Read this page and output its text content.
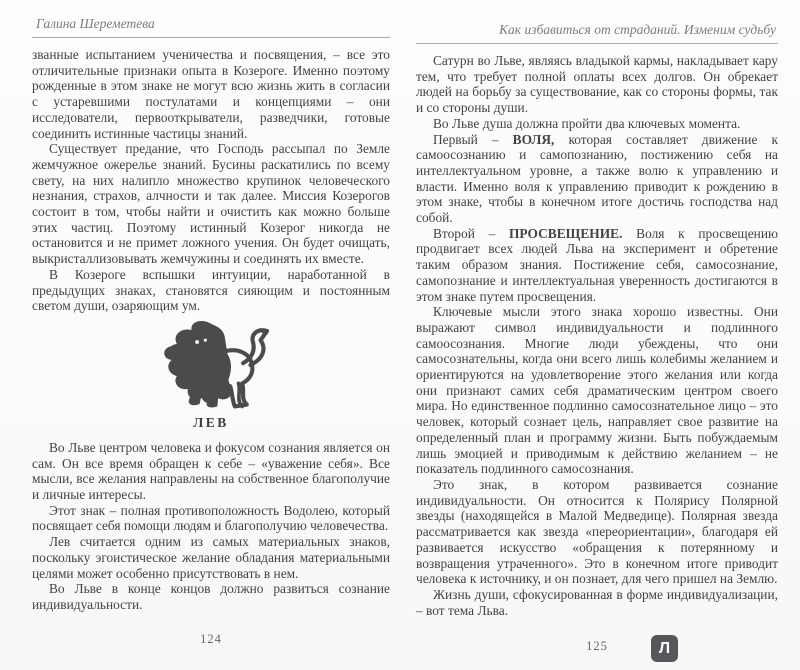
Галина Шереметева

званные испытанием ученичества и посвящения, – все это отличительные признаки опыта в Козероге. Именно поэтому рожденные в этом знаке не могут всю жизнь жить в согласии с устаревшими постулатами и концепциями – они исследователи, первооткрыватели, разведчики, готовые соединить истинные частицы знаний.

Существует предание, что Господь рассыпал по Земле жемчужное ожерелье знаний. Бусины раскатились по всему свету, на них налипло множество крупинок человеческого незнания, страхов, алчности и так далее. Миссия Козерогов состоит в том, чтобы найти и очистить как можно больше этих частиц. Поэтому истинный Козерог никогда не остановится и не примет ложного учения. Он будет очищать, выкристаллизовывать жемчужины и соединять их вместе.

В Козероге вспышки интуиции, наработанной в предыдущих знаках, становятся сияющим и постоянным светом души, озаряющим ум.

ЛЕВ

Во Льве центром человека и фокусом сознания является он сам. Он все время обращен к себе – «уважение себя». Все мысли, все желания направлены на собственное благополучие и личные интересы.

Этот знак – полная противоположность Водолею, который посвящает себя помощи людям и благополучию человечества.

Лев считается одним из самых материальных знаков, поскольку эгоистическое желание обладания материальными целями может особенно присутствовать в нем.

Во Льве в конце концов должно развиться сознание индивидуальности.

Как избавиться от страданий. Изменим судьбу

Сатурн во Льве, являясь владыкой кармы, накладывает кару тем, что требует полной оплаты всех долгов. Он обрекает людей на борьбу за существование, как со стороны формы, так и со стороны души.

Во Льве душа должна пройти два ключевых момента.

Первый – ВОЛЯ, которая составляет движение к самоосознанию и самопознанию, постижению себя на интеллектуальном уровне, а также волю к управлению и власти. Именно воля к управлению приводит к рождению в этом знаке, чтобы в конечном итоге достичь господства над собой.

Второй – ПРОСВЕЩЕНИЕ. Воля к просвещению продвигает всех людей Льва на эксперимент и обретение таким образом знания. Постижение себя, самосознание, самопознание и интеллектуальная уверенность достигаются в этом знаке путем просвещения.

Ключевые мысли этого знака хорошо известны. Они выражают символ индивидуальности и подлинного самоосознания. Многие люди убеждены, что они самосознательны, когда они всего лишь колебимы желанием и ориентируются на удовлетворение этого желания или когда они признают самих себя драматическим центром своего мира. Но единственное подлинно самосознательное лицо – это человек, который сознает цель, направляет свое развитие на определенный план и программу жизни. Быть побуждаемым лишь эмоцией и приводимым к действию желанием – не показатель подлинного самосознания.

Это знак, в котором развивается сознание индивидуальности. Он относится к Полярису Полярной звезды (находящейся в Малой Медведице). Полярная звезда рассматривается как звезда «переориентации», благодаря ей развивается искусство «обращения к потерянному и возвращения утраченного». Это в конечном итоге приводит человека к источнику, и он познает, для чего пришел на Землю.

Жизнь души, сфокусированная в форме индивидуализации, – вот тема Льва.

124	125	Л
